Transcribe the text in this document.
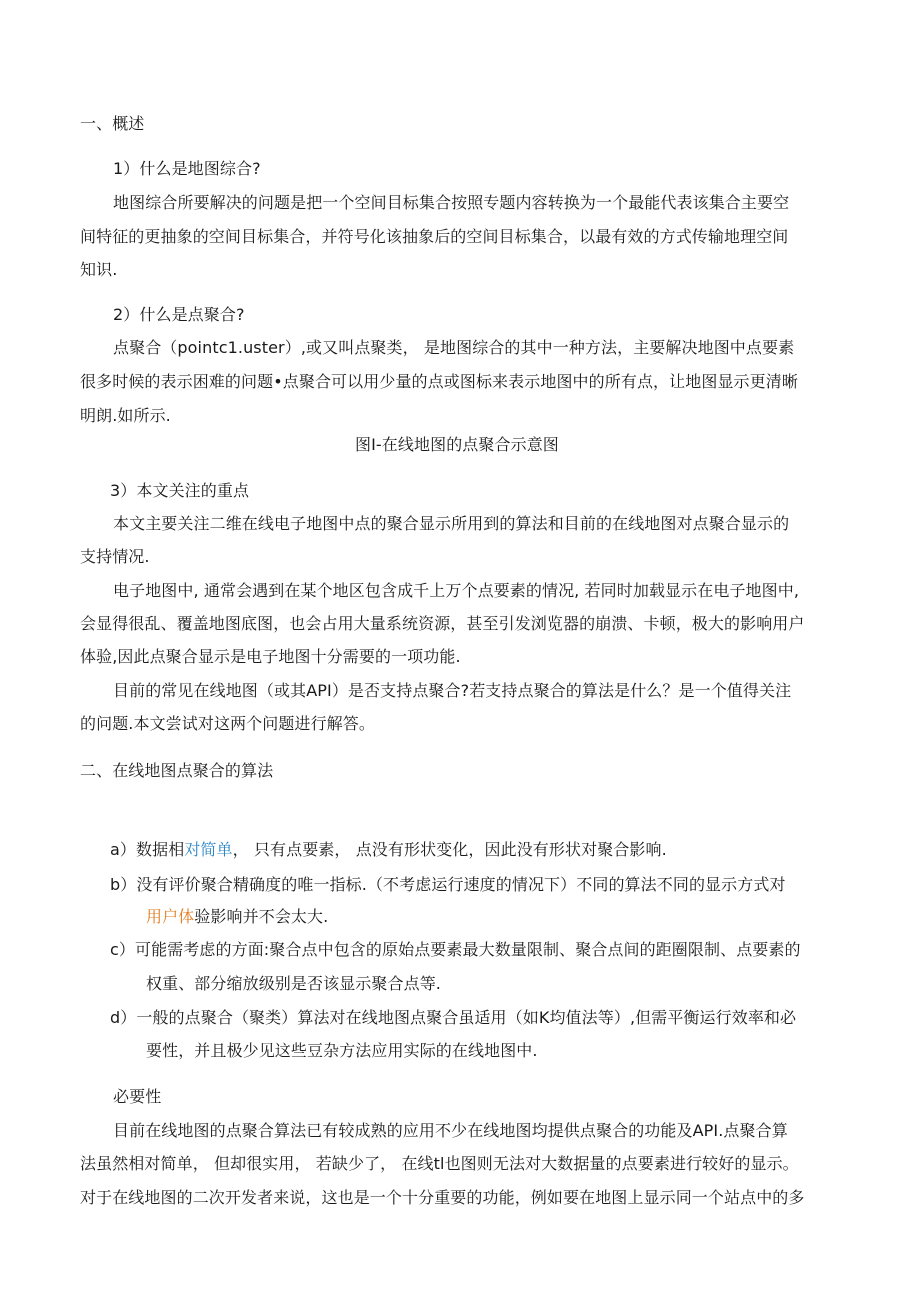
一、概述
1）什么是地图综合?
地图综合所要解决的问题是把一个空间目标集合按照专题内容转换为一个最能代表该集合主要空
间特征的更抽象的空间目标集合，并符号化该抽象后的空间目标集合，以最有效的方式传输地理空间
知识.
2）什么是点聚合?
点聚合（pointc1.uster）,或又叫点聚类， 是地图综合的其中一种方法，主要解决地图中点要素
很多时候的表示困难的问题•点聚合可以用少量的点或图标来表示地图中的所有点，让地图显示更清晰
明朗.如所示.
图I-在线地图的点聚合示意图
3）本文关注的重点
本文主要关注二维在线电子地图中点的聚合显示所用到的算法和目前的在线地图对点聚合显示的
支持情况.
电子地图中, 通常会遇到在某个地区包含成千上万个点要素的情况, 若同时加载显示在电子地图中,
会显得很乱、覆盖地图底图，也会占用大量系统资源，甚至引发浏览器的崩溃、卡顿，极大的影响用户
体验,因此点聚合显示是电子地图十分需要的一项功能.
目前的常见在线地图（或其API）是否支持点聚合?若支持点聚合的算法是什么？是一个值得关注
的问题.本文尝试对这两个问题进行解答。
二、在线地图点聚合的算法
a）数据相对简单， 只有点要素， 点没有形状变化，因此没有形状对聚合影响.
b）没有评价聚合精确度的唯一指标.（不考虑运行速度的情况下）不同的算法不同的显示方式对
用户体验影响并不会太大.
c）可能需考虑的方面:聚合点中包含的原始点要素最大数量限制、聚合点间的距圈限制、点要素的
权重、部分缩放级别是否该显示聚合点等.
d）一般的点聚合（聚类）算法对在线地图点聚合虽适用（如K均值法等）,但需平衡运行效率和必
要性，并且极少见这些豆杂方法应用实际的在线地图中.
必要性
目前在线地图的点聚合算法已有较成熟的应用不少在线地图均提供点聚合的功能及API.点聚合算
法虽然相对简单， 但却很实用， 若缺少了， 在线tl也图则无法对大数据量的点要素进行较好的显示。
对于在线地图的二次开发者来说，这也是一个十分重要的功能，例如要在地图上显示同一个站点中的多
